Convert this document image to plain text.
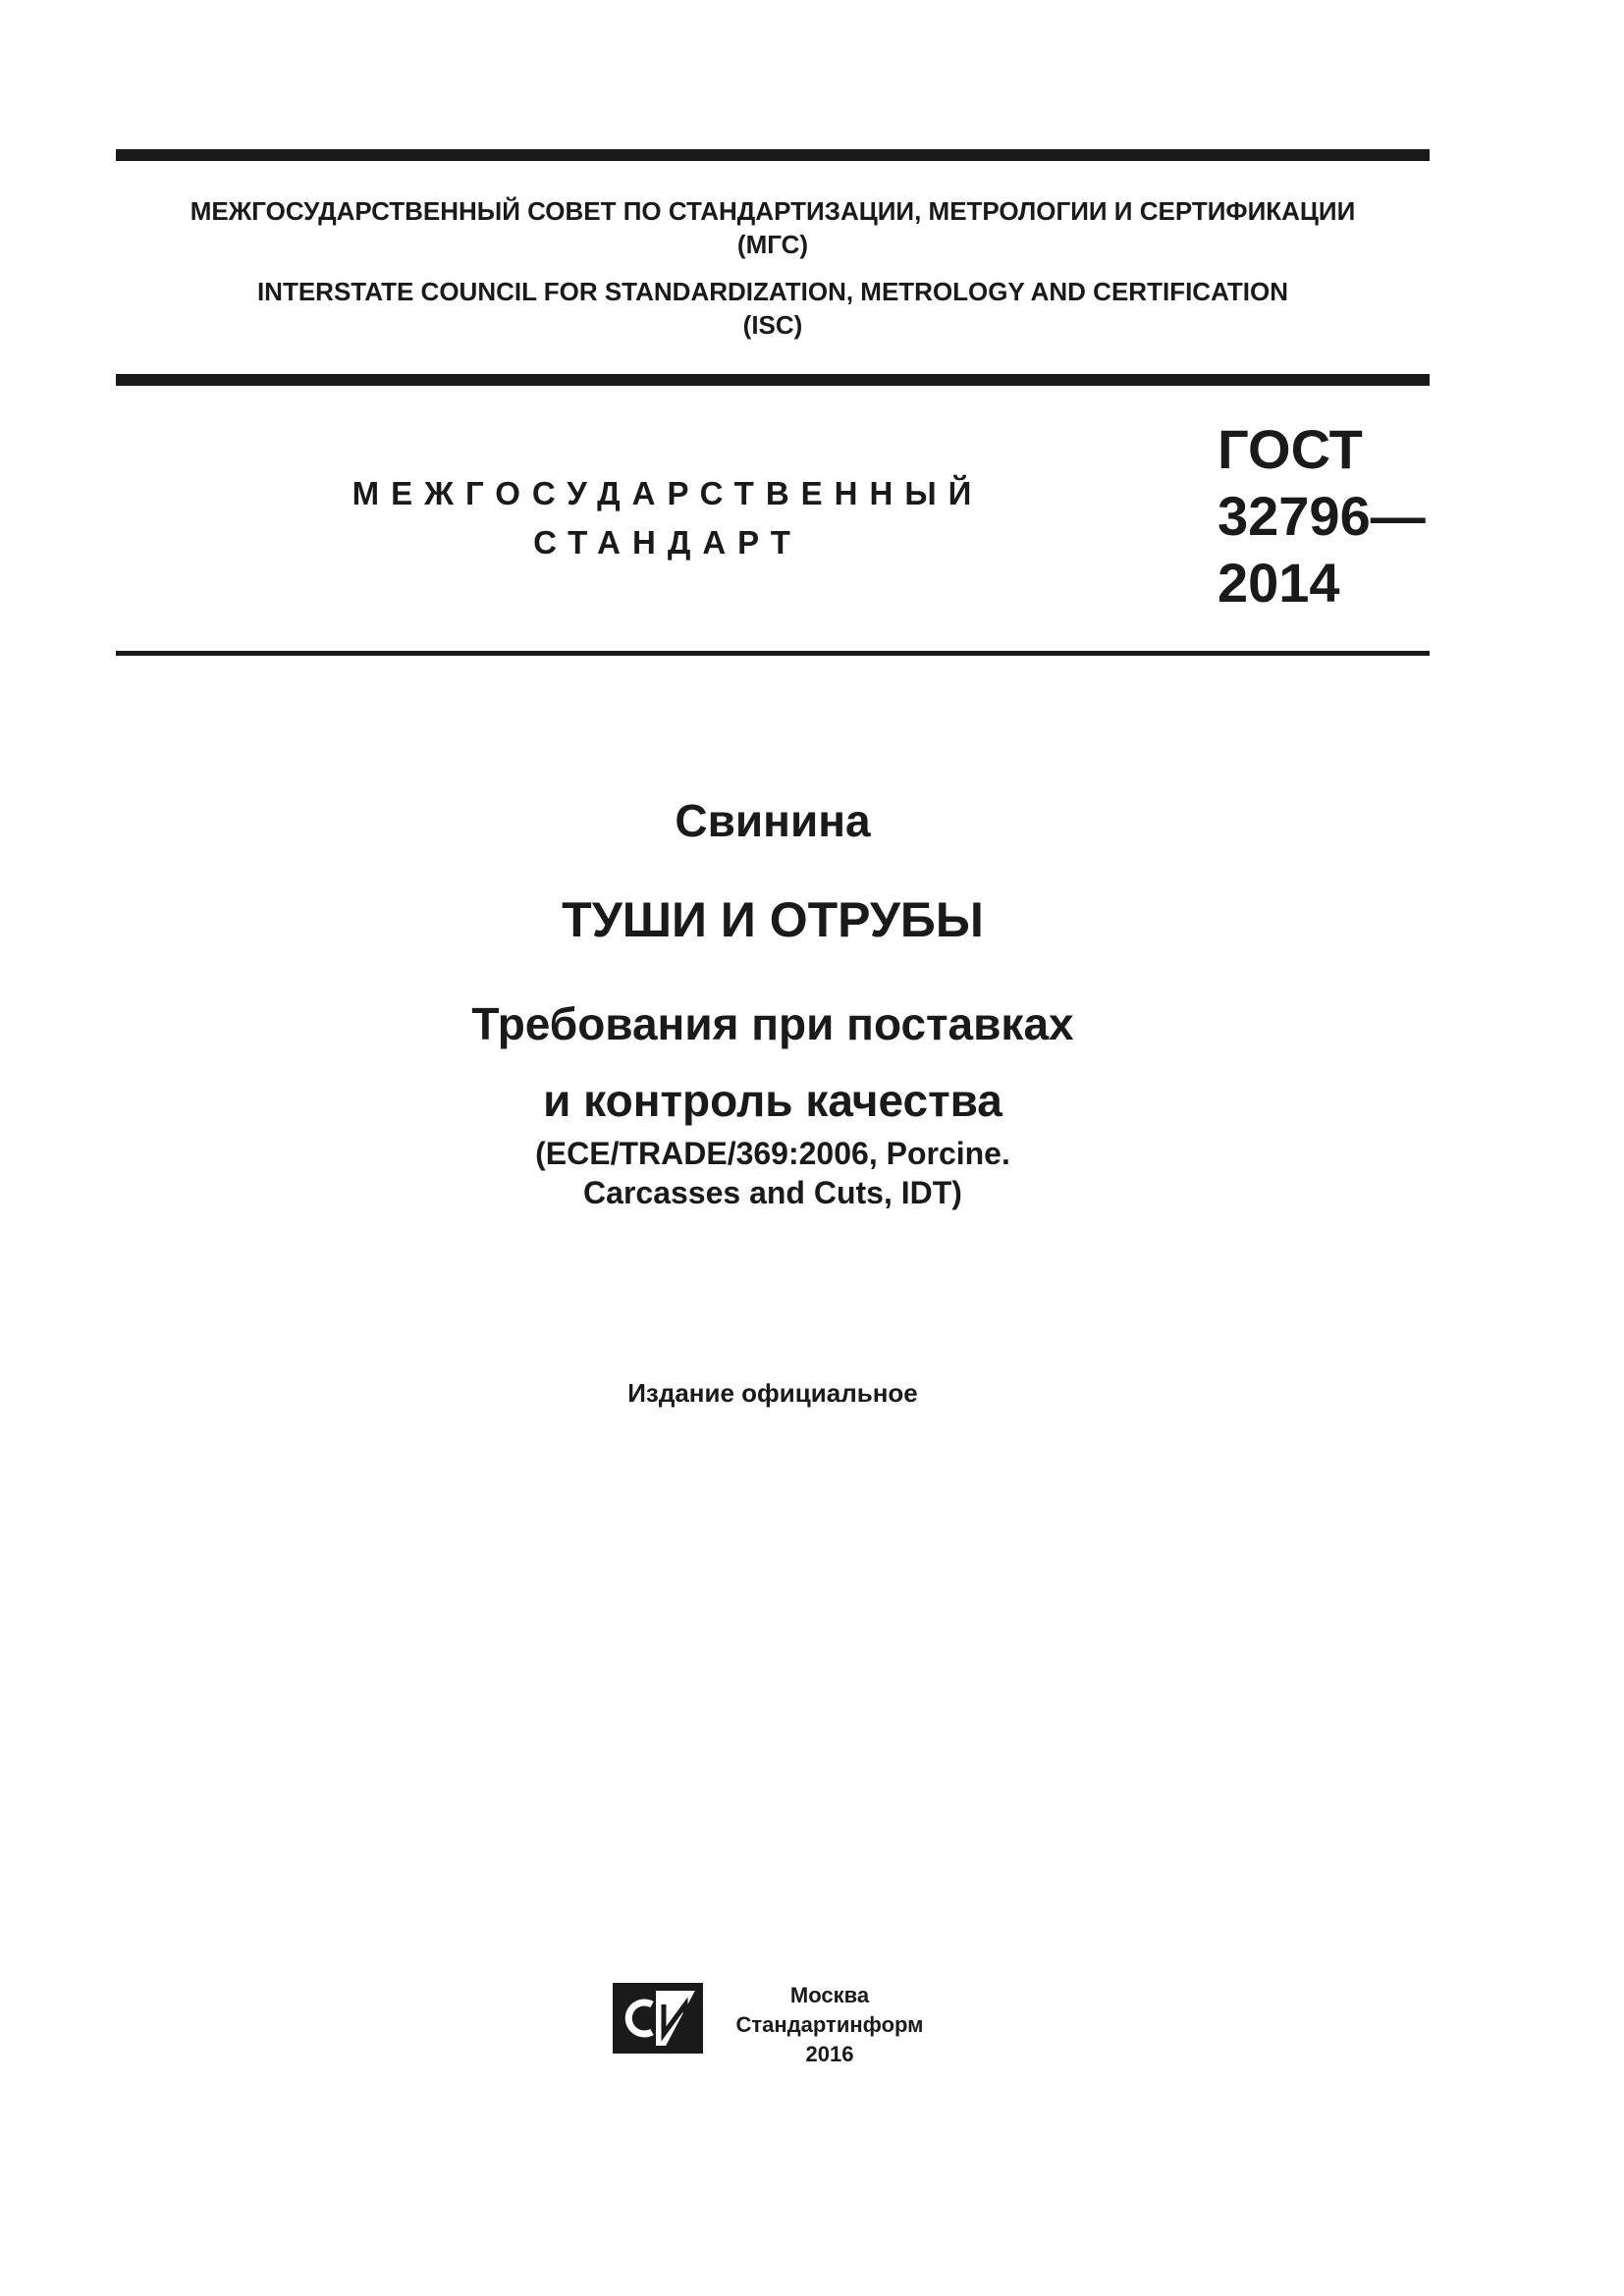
МЕЖГОСУДАРСТВЕННЫЙ СОВЕТ ПО СТАНДАРТИЗАЦИИ, МЕТРОЛОГИИ И СЕРТИФИКАЦИИ
(МГС)
INTERSTATE COUNCIL FOR STANDARDIZATION, METROLOGY AND CERTIFICATION
(ISC)
МЕЖГОСУДАРСТВЕННЫЙ
СТАНДАРТ
ГОСТ
32796—
2014
Свинина
ТУШИ И ОТРУБЫ
Требования при поставках
и контроль качества
(ECE/TRADE/369:2006, Porcine.
Carcasses and Cuts, IDT)
Издание официальное
Москва
Стандартинформ
2016
